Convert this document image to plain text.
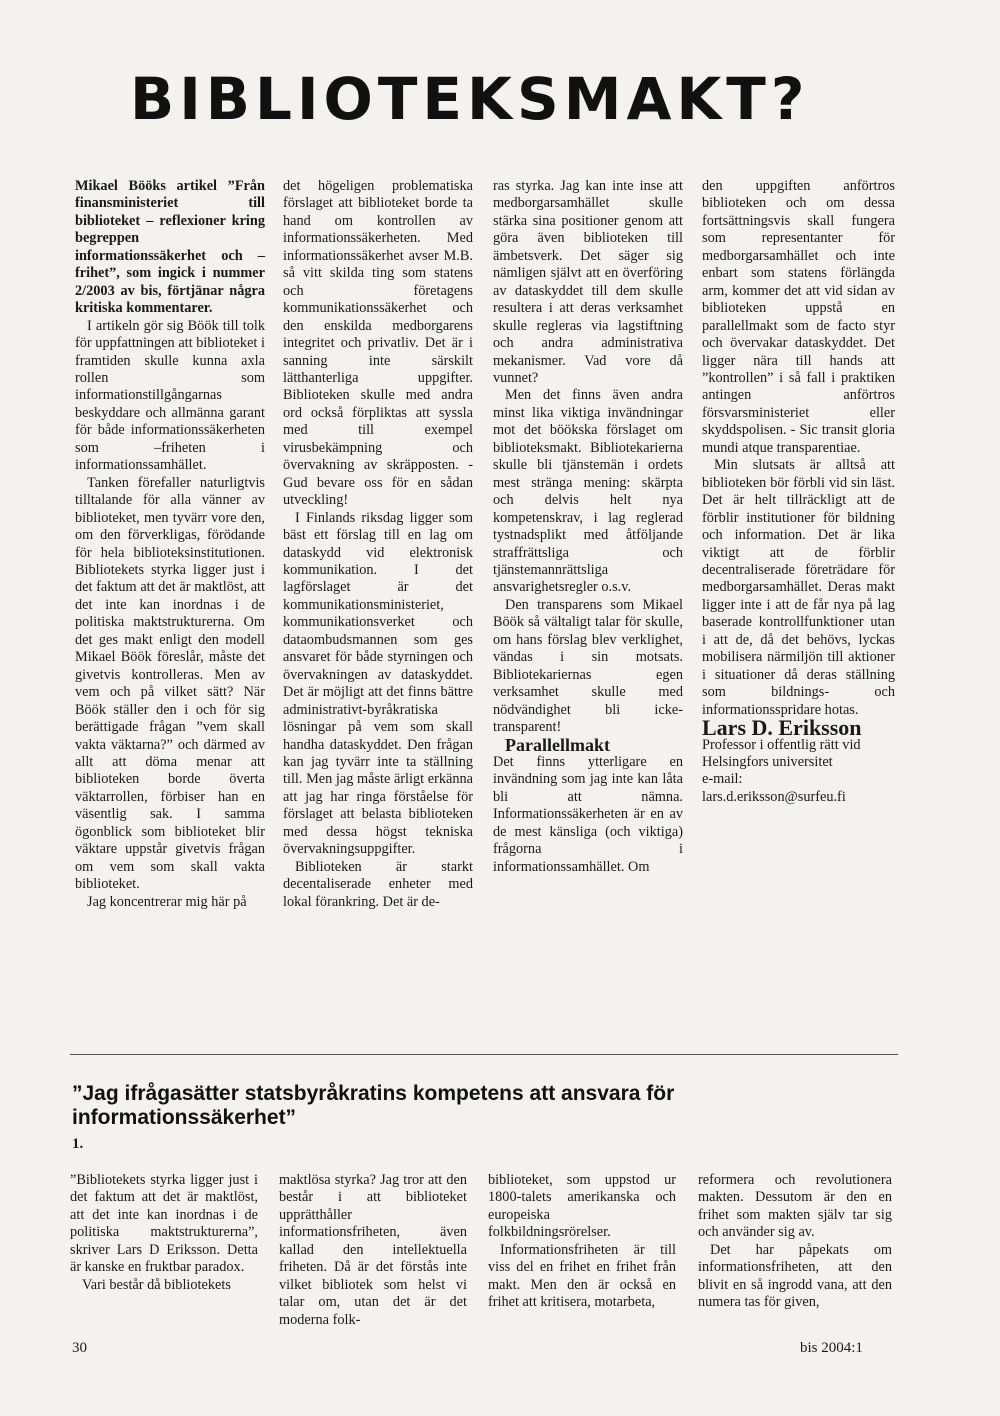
BIBLIOTEKSMAKT?

Mikael Bööks artikel ”Från finansministeriet till biblioteket – reflexioner kring begreppen informationssäkerhet och –frihet”, som ingick i nummer 2/2003 av bis, förtjänar några kritiska kommentarer.

I artikeln gör sig Böök till tolk för uppfattningen att biblioteket i framtiden skulle kunna axla rollen som informationstillgångarnas beskyddare och allmänna garant för både informationssäkerheten som –friheten i informationssamhället.

Tanken förefaller naturligtvis tilltalande för alla vänner av biblioteket, men tyvärr vore den, om den förverkligas, förödande för hela biblioteksinstitutionen. Bibliotekets styrka ligger just i det faktum att det är maktlöst, att det inte kan inordnas i de politiska maktstrukturerna. Om det ges makt enligt den modell Mikael Böök föreslår, måste det givetvis kontrolleras. Men av vem och på vilket sätt? När Böök ställer den i och för sig berättigade frågan ”vem skall vakta väktarna?” och därmed av allt att döma menar att biblioteken borde överta väktarrollen, förbiser han en väsentlig sak. I samma ögonblick som biblioteket blir väktare uppstår givetvis frågan om vem som skall vakta biblioteket.

Jag koncentrerar mig här på

det högeligen problematiska förslaget att biblioteket borde ta hand om kontrollen av informationssäkerheten. Med informationssäkerhet avser M.B. så vitt skilda ting som statens och företagens kommunikationssäkerhet och den enskilda medborgarens integritet och privatliv. Det är i sanning inte särskilt lätthanterliga uppgifter. Biblioteken skulle med andra ord också förpliktas att syssla med till exempel virusbekämpning och övervakning av skräpposten. - Gud bevare oss för en sådan utveckling!

I Finlands riksdag ligger som bäst ett förslag till en lag om dataskydd vid elektronisk kommunikation. I det lagförslaget är det kommunikationsministeriet, kommunikationsverket och dataombudsmannen som ges ansvaret för både styrningen och övervakningen av dataskyddet. Det är möjligt att det finns bättre administrativt-byråkratiska lösningar på vem som skall handha dataskyddet. Den frågan kan jag tyvärr inte ta ställning till. Men jag måste ärligt erkänna att jag har ringa förståelse för förslaget att belasta biblioteken med dessa högst tekniska övervakningsuppgifter.

Biblioteken är starkt decentaliserade enheter med lokal förankring. Det är de-

ras styrka. Jag kan inte inse att medborgarsamhället skulle stärka sina positioner genom att göra även biblioteken till ämbetsverk. Det säger sig nämligen självt att en överföring av dataskyddet till dem skulle resultera i att deras verksamhet skulle regleras via lagstiftning och andra administrativa mekanismer. Vad vore då vunnet?

Men det finns även andra minst lika viktiga invändningar mot det böökska förslaget om biblioteksmakt. Bibliotekarierna skulle bli tjänstemän i ordets mest stränga mening: skärpta och delvis helt nya kompetenskrav, i lag reglerad tystnadsplikt med åtföljande straffrättsliga och tjänstemannrättsliga ansvarighetsregler o.s.v.

Den transparens som Mikael Böök så vältaligt talar för skulle, om hans förslag blev verklighet, vändas i sin motsats. Bibliotekariernas egen verksamhet skulle med nödvändighet bli icke-transparent!

Parallellmakt

Det finns ytterligare en invändning som jag inte kan låta bli att nämna. Informationssäkerheten är en av de mest känsliga (och viktiga) frågorna i informationssamhället. Om

den uppgiften anförtros biblioteken och om dessa fortsättningsvis skall fungera som representanter för medborgarsamhället och inte enbart som statens förlängda arm, kommer det att vid sidan av biblioteken uppstå en parallellmakt som de facto styr och övervakar dataskyddet. Det ligger nära till hands att ”kontrollen” i så fall i praktiken antingen anförtros försvarsministeriet eller skyddspolisen. - Sic transit gloria mundi atque transparentiae.

Min slutsats är alltså att biblioteken bör förbli vid sin läst. Det är helt tillräckligt att de förblir institutioner för bildning och information. Det är lika viktigt att de förblir decentraliserade företrädare för medborgarsamhället. Deras makt ligger inte i att de får nya på lag baserade kontrollfunktioner utan i att de, då det behövs, lyckas mobilisera närmiljön till aktioner i situationer då deras ställning som bildnings- och informationsspridare hotas.

Lars D. Eriksson

Professor i offentlig rätt vid Helsingfors universitet

e-mail:

lars.d.eriksson@surfeu.fi

”Jag ifrågasätter statsbyråkratins kompetens att ansvara för informationssäkerhet”
1.

”Bibliotekets styrka ligger just i det faktum att det är maktlöst, att det inte kan inordnas i de politiska maktstrukturerna”, skriver Lars D Eriksson. Detta är kanske en fruktbar paradox.

Vari består då bibliotekets

maktlösa styrka? Jag tror att den består i att biblioteket upprätthåller informationsfriheten, även kallad den intellektuella friheten. Då är det förstås inte vilket bibliotek som helst vi talar om, utan det är det moderna folk-

biblioteket, som uppstod ur 1800-talets amerikanska och europeiska folkbildningsrörelser.

Informationsfriheten är till viss del en frihet en frihet från makt. Men den är också en frihet att kritisera, motarbeta,

reformera och revolutionera makten. Dessutom är den en frihet som makten själv tar sig och använder sig av.

Det har påpekats om informationsfriheten, att den blivit en så ingrodd vana, att den numera tas för given,

30	bis 2004:1
